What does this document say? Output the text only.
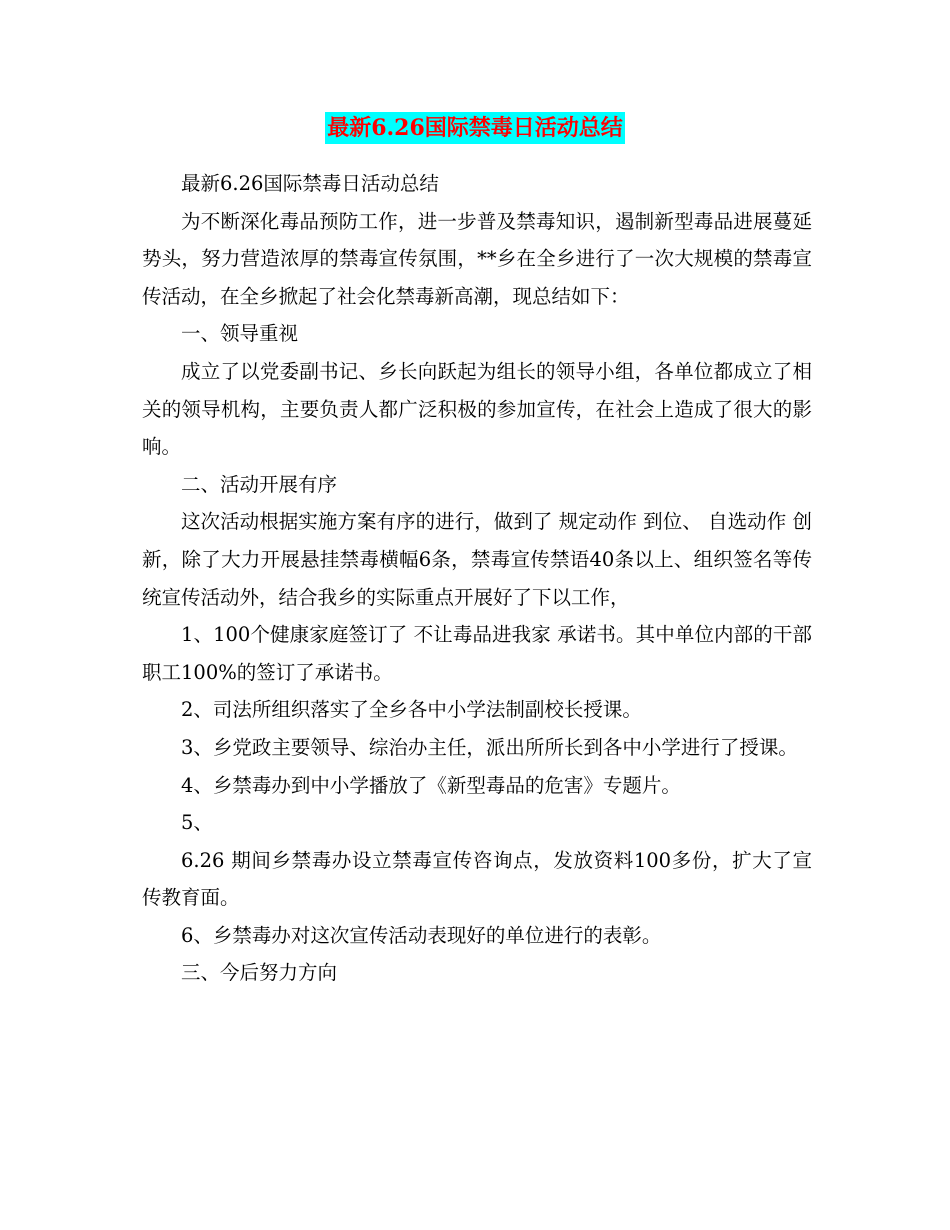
最新6.26国际禁毒日活动总结

最新6.26国际禁毒日活动总结

为不断深化毒品预防工作，进一步普及禁毒知识，遏制新型毒品进展蔓延势头，努力营造浓厚的禁毒宣传氛围，**乡在全乡进行了一次大规模的禁毒宣传活动，在全乡掀起了社会化禁毒新高潮，现总结如下：

一、领导重视

成立了以党委副书记、乡长向跃起为组长的领导小组，各单位都成立了相关的领导机构，主要负责人都广泛积极的参加宣传，在社会上造成了很大的影响。

二、活动开展有序

这次活动根据实施方案有序的进行，做到了 规定动作 到位、 自选动作 创新，除了大力开展悬挂禁毒横幅6条，禁毒宣传禁语40条以上、组织签名等传统宣传活动外，结合我乡的实际重点开展好了下以工作，

1、100个健康家庭签订了 不让毒品进我家 承诺书。其中单位内部的干部职工100%的签订了承诺书。

2、司法所组织落实了全乡各中小学法制副校长授课。

3、乡党政主要领导、综治办主任，派出所所长到各中小学进行了授课。

4、乡禁毒办到中小学播放了《新型毒品的危害》专题片。

5、

6.26 期间乡禁毒办设立禁毒宣传咨询点，发放资料100多份，扩大了宣传教育面。

6、乡禁毒办对这次宣传活动表现好的单位进行的表彰。

三、今后努力方向
